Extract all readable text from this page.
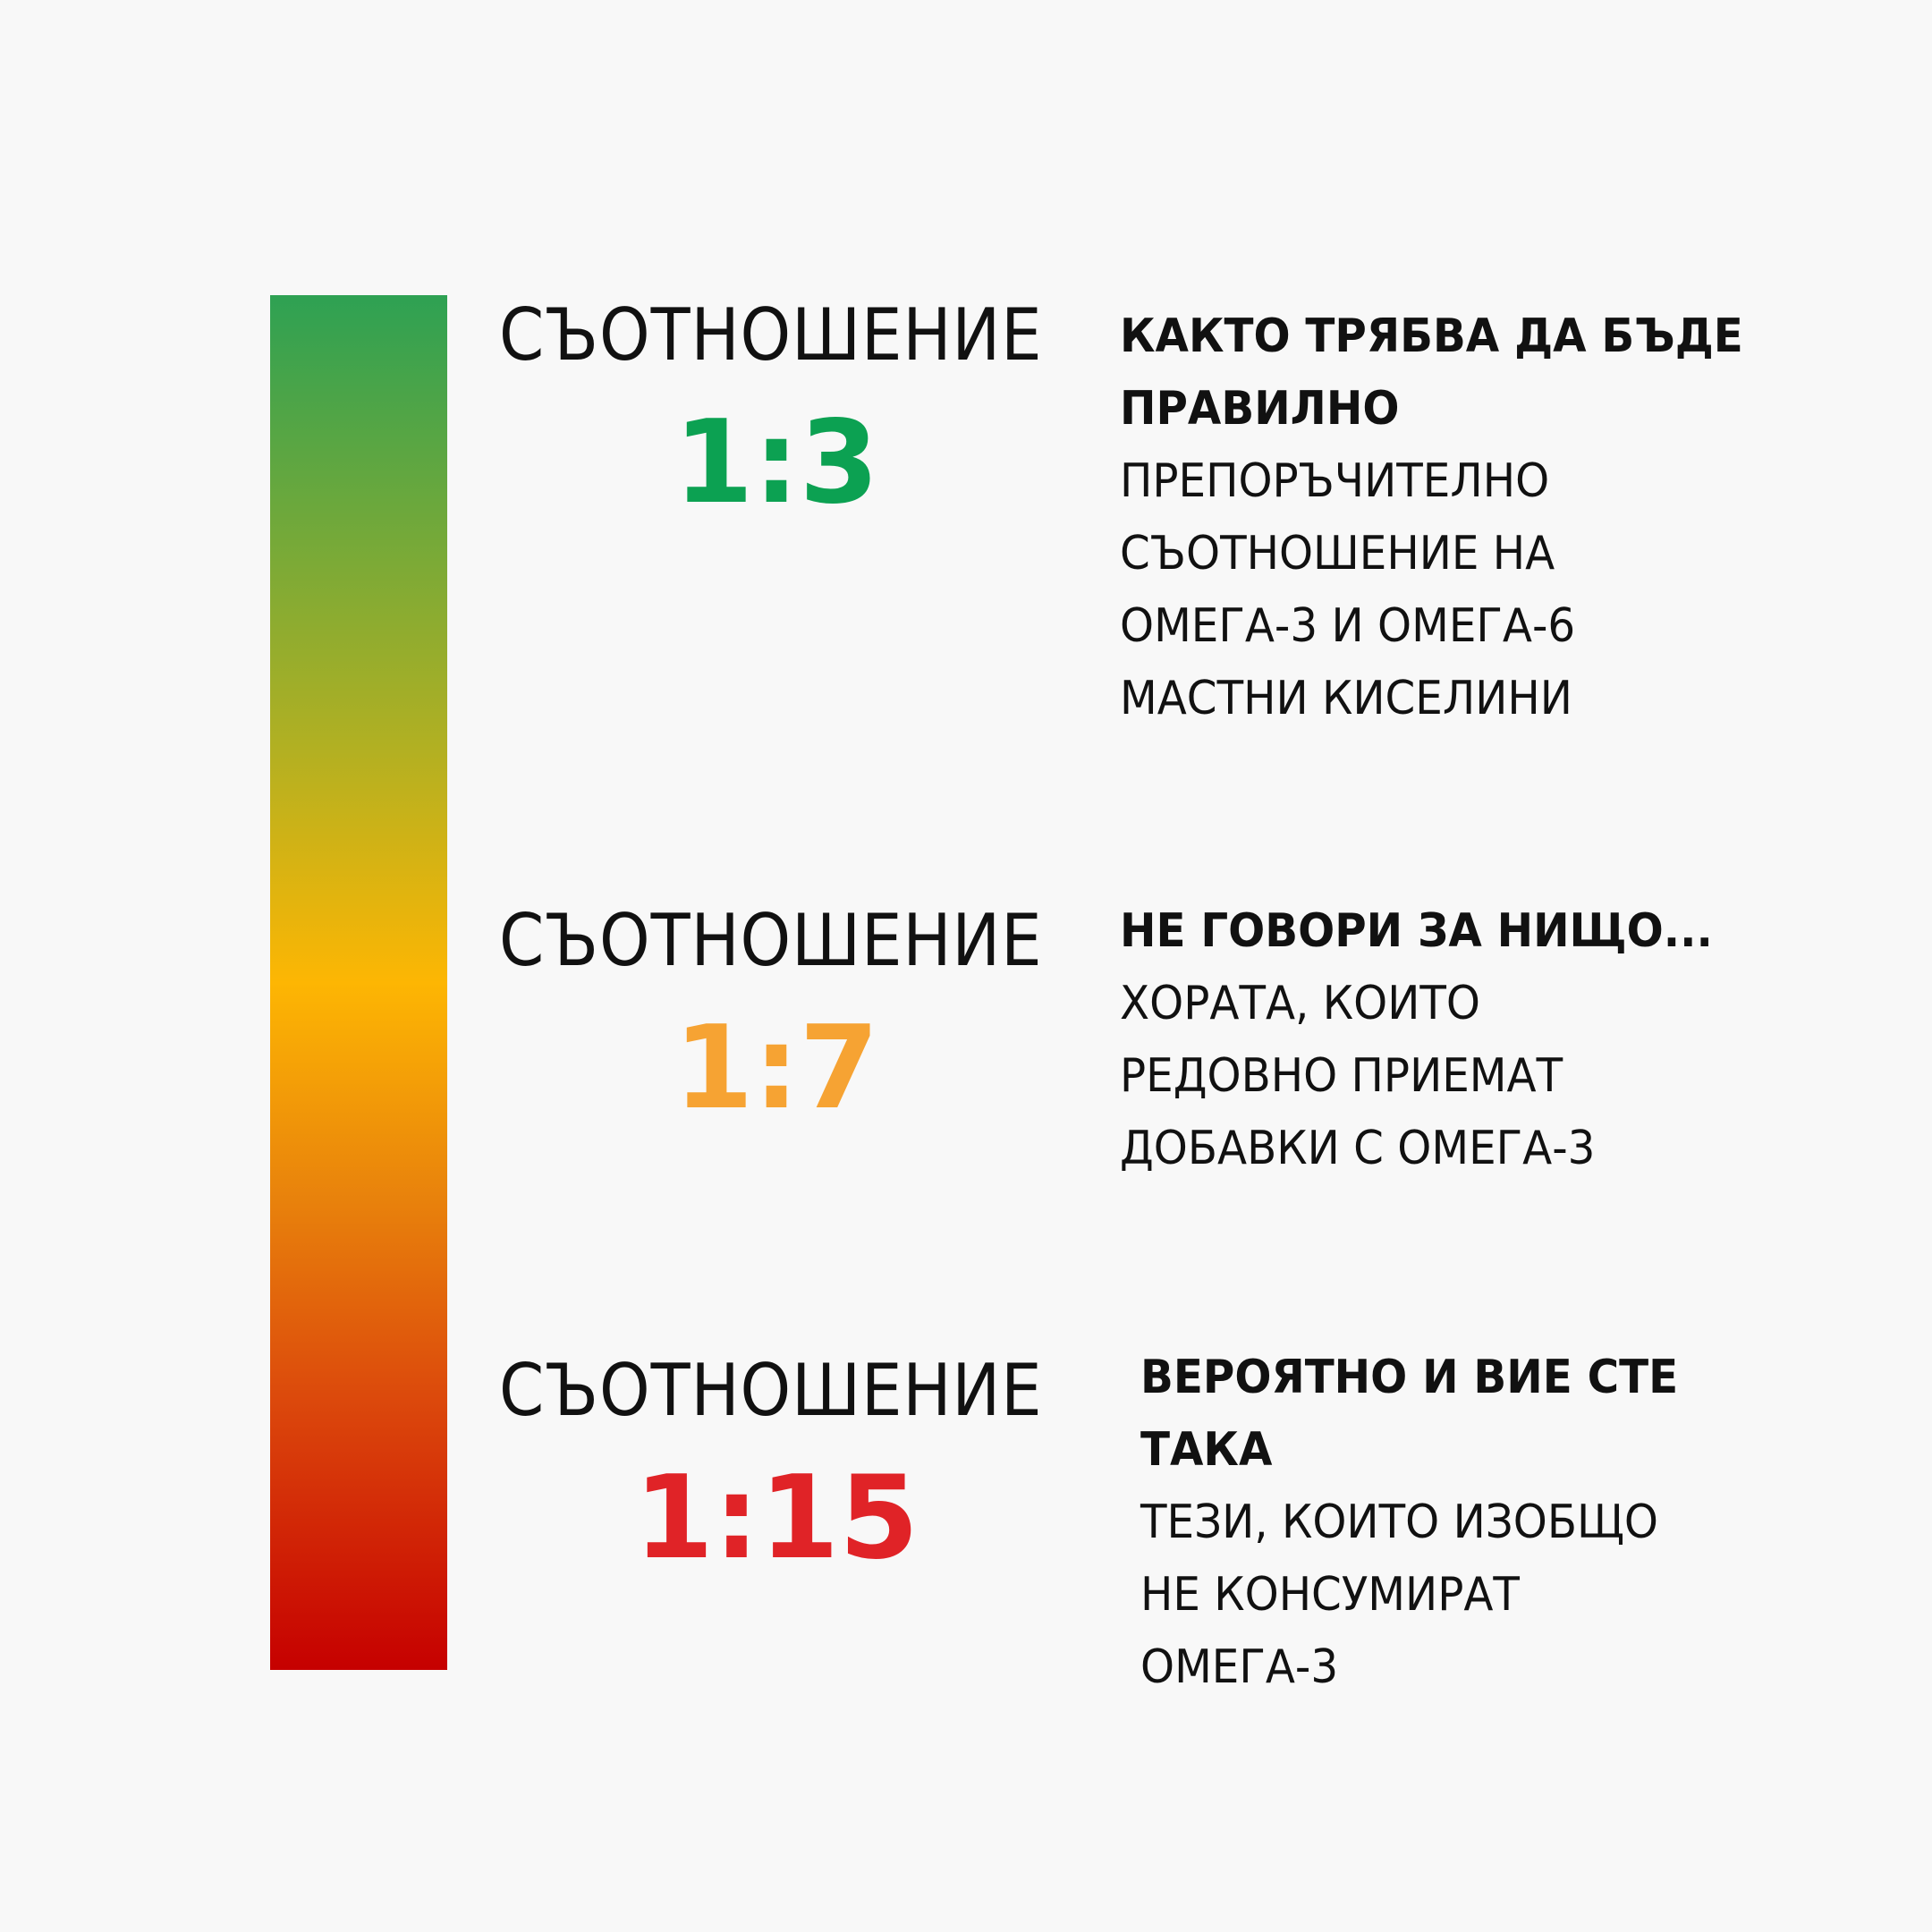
СЪОТНОШЕНИЕ
1:3
КАКТО ТРЯБВА ДА БЪДЕ
ПРАВИЛНО
ПРЕПОРЪЧИТЕЛНО
СЪОТНОШЕНИЕ НА
ОМЕГА-3 И ОМЕГА-6
МАСТНИ КИСЕЛИНИ
СЪОТНОШЕНИЕ
1:7
НЕ ГОВОРИ ЗА НИЩО...
ХОРАТА, КОИТО
РЕДОВНО ПРИЕМАТ
ДОБАВКИ С ОМЕГА-3
СЪОТНОШЕНИЕ
1:15
ВЕРОЯТНО И ВИЕ СТЕ
ТАКА
ТЕЗИ, КОИТО ИЗОБЩО
НЕ КОНСУМИРАТ
ОМЕГА-3
